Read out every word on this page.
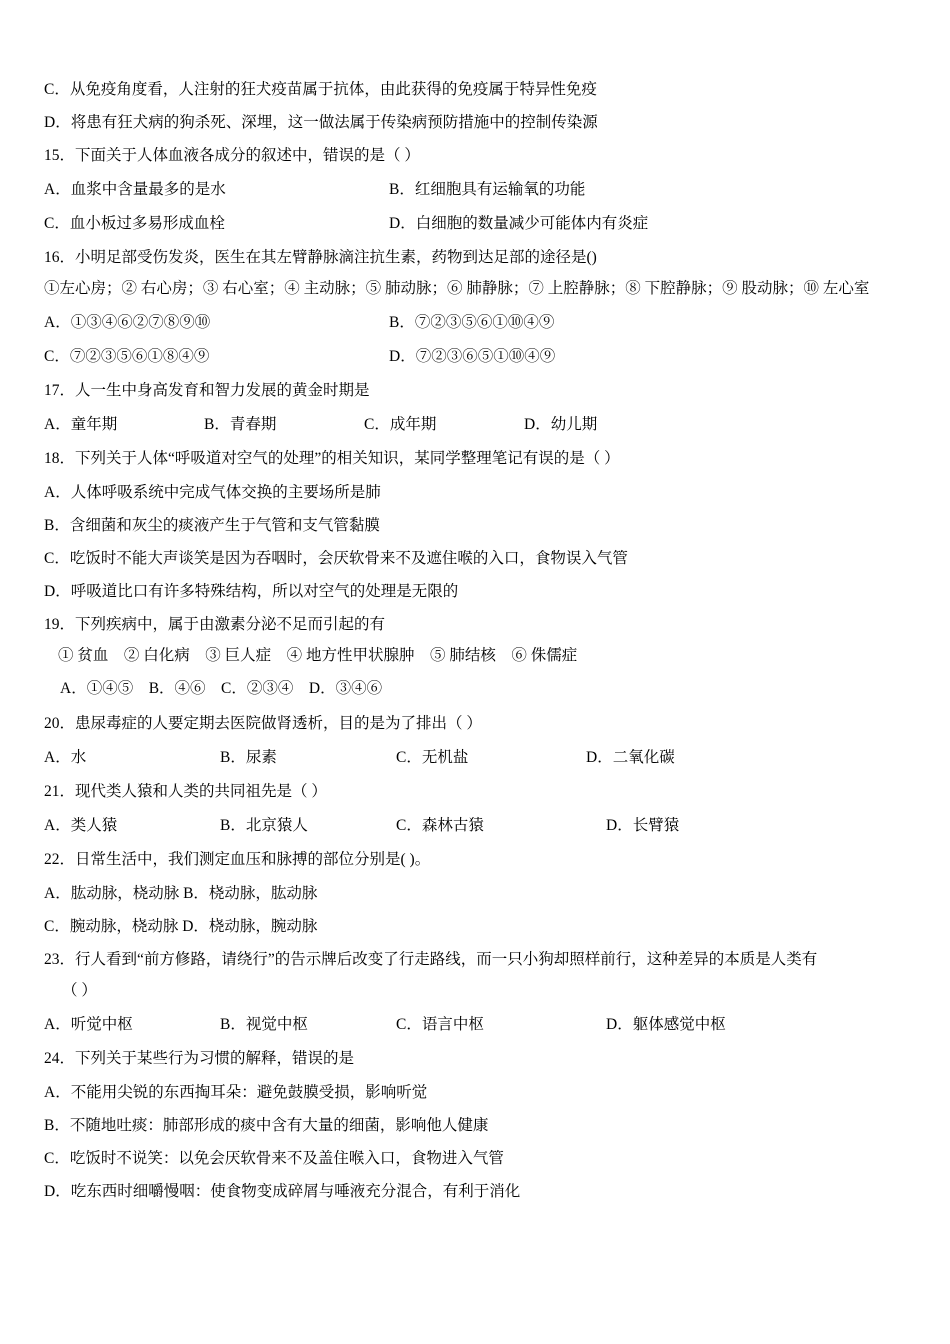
C．从免疫角度看，人注射的狂犬疫苗属于抗体，由此获得的免疫属于特异性免疫
D．将患有狂犬病的狗杀死、深埋，这一做法属于传染病预防措施中的控制传染源
15．下面关于人体血液各成分的叙述中，错误的是（ ）
A．血浆中含量最多的是水	B．红细胞具有运输氧的功能
C．血小板过多易形成血栓	D．白细胞的数量减少可能体内有炎症
16．小明足部受伤发炎，医生在其左臂静脉滴注抗生素，药物到达足部的途径是()
①左心房；② 右心房；③ 右心室；④ 主动脉；⑤ 肺动脉；⑥ 肺静脉；⑦ 上腔静脉；⑧ 下腔静脉；⑨ 股动脉；⑩ 左心室
A．①③④⑥②⑦⑧⑨⑩	B．⑦②③⑤⑥①⑩④⑨
C．⑦②③⑤⑥①⑧④⑨	D．⑦②③⑥⑤①⑩④⑨
17．人一生中身高发育和智力发展的黄金时期是
A．童年期	B．青春期	C．成年期	D．幼儿期
18．下列关于人体“呼吸道对空气的处理”的相关知识，某同学整理笔记有误的是（ ）
A．人体呼吸系统中完成气体交换的主要场所是肺
B．含细菌和灰尘的痰液产生于气管和支气管黏膜
C．吃饭时不能大声谈笑是因为吞咽时，会厌软骨来不及遮住喉的入口，食物误入气管
D．呼吸道比口有许多特殊结构，所以对空气的处理是无限的
19．下列疾病中，属于由激素分泌不足而引起的有
① 贫血　② 白化病　③ 巨人症　④ 地方性甲状腺肿　⑤ 肺结核　⑥ 侏儒症
A．①④⑤　B．④⑥　C．②③④　D．③④⑥
20．患尿毒症的人要定期去医院做肾透析，目的是为了排出（ ）
A．水	B．尿素	C．无机盐	D．二氧化碳
21．现代类人猿和人类的共同祖先是（ ）
A．类人猿	B．北京猿人	C．森林古猿	D．长臂猿
22．日常生活中，我们测定血压和脉搏的部位分别是( )。
A．肱动脉，桡动脉 B．桡动脉，肱动脉
C．腕动脉，桡动脉 D．桡动脉，腕动脉
23．行人看到“前方修路，请绕行”的告示牌后改变了行走路线，而一只小狗却照样前行，这种差异的本质是人类有
（ ）
A．听觉中枢	B．视觉中枢	C．语言中枢	D．躯体感觉中枢
24．下列关于某些行为习惯的解释，错误的是
A．不能用尖锐的东西掏耳朵：避免鼓膜受损，影响听觉
B．不随地吐痰：肺部形成的痰中含有大量的细菌，影响他人健康
C．吃饭时不说笑：以免会厌软骨来不及盖住喉入口，食物进入气管
D．吃东西时细嚼慢咽：使食物变成碎屑与唾液充分混合，有利于消化
